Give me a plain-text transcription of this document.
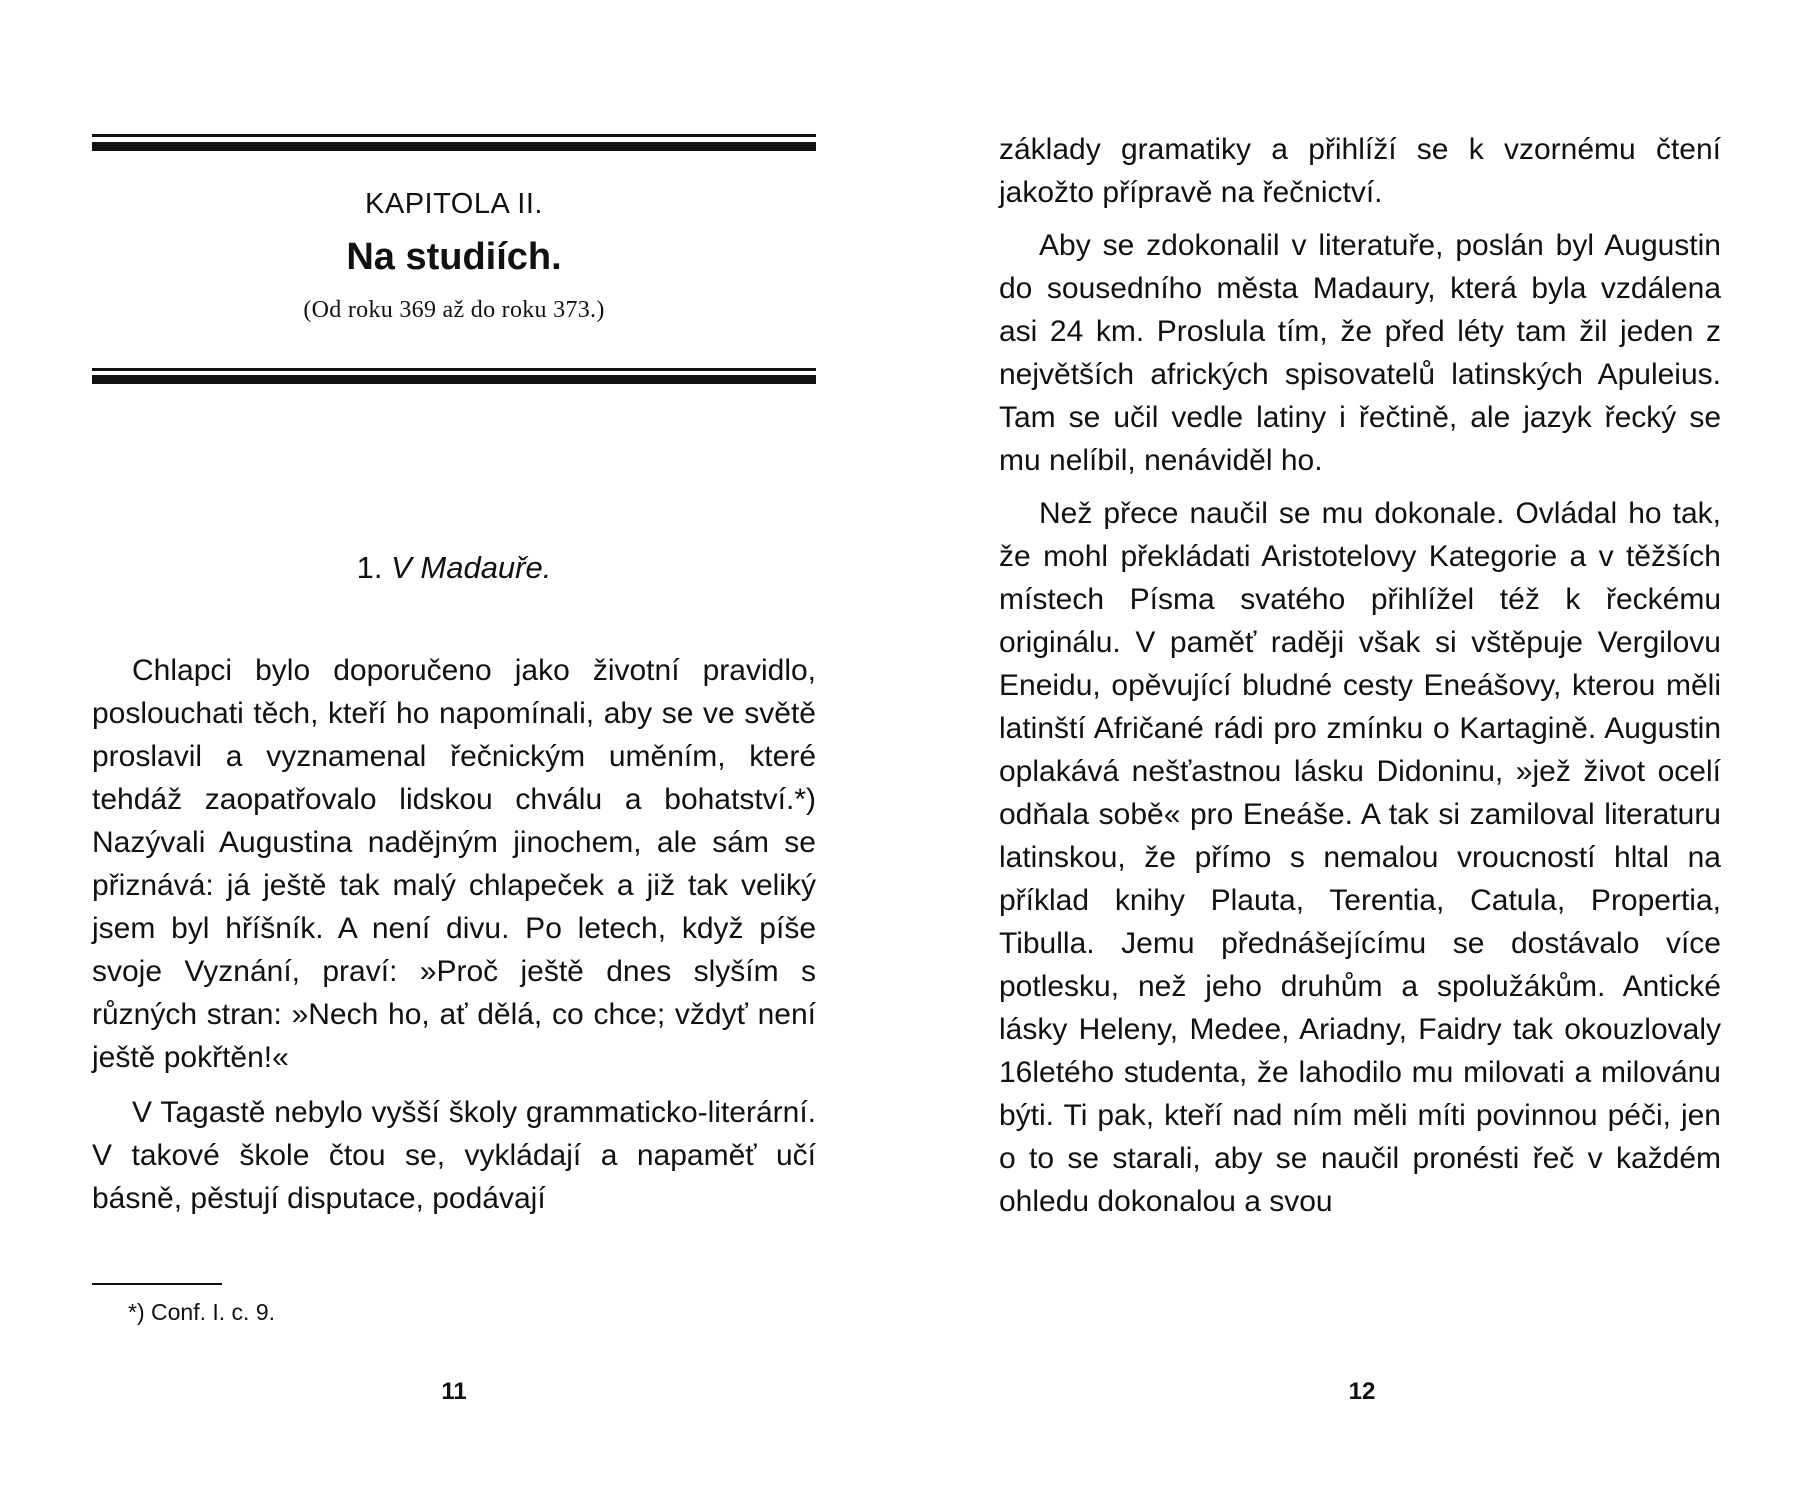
KAPITOLA II.
Na studiích.
(Od roku 369 až do roku 373.)
1. V Madauře.

Chlapci bylo doporučeno jako životní pravidlo, poslouchati těch, kteří ho napomínali, aby se ve světě proslavil a vyznamenal řečnickým uměním, které tehdáž zaopatřovalo lidskou chválu a bohatství.*) Nazývali Augustina nadějným jinochem, ale sám se přiznává: já ještě tak malý chlapeček a již tak veliký jsem byl hříšník. A není divu. Po letech, když píše svoje Vyznání, praví: »Proč ještě dnes slyším s různých stran: »Nech ho, ať dělá, co chce; vždyť není ještě pokřtěn!«

V Tagastě nebylo vyšší školy grammaticko-literární. V takové škole čtou se, vykládají a napaměť učí básně, pěstují disputace, podávají

*) Conf. I. c. 9.
11

základy gramatiky a přihlíží se k vzornému čtení jakožto přípravě na řečnictví.

Aby se zdokonalil v literatuře, poslán byl Augustin do sousedního města Madaury, která byla vzdálena asi 24 km. Proslula tím, že před léty tam žil jeden z největších afrických spisovatelů latinských Apuleius. Tam se učil vedle latiny i řečtině, ale jazyk řecký se mu nelíbil, nenáviděl ho.

Než přece naučil se mu dokonale. Ovládal ho tak, že mohl překládati Aristotelovy Kategorie a v těžších místech Písma svatého přihlížel též k řeckému originálu. V paměť raději však si vštěpuje Vergilovu Eneidu, opěvující bludné cesty Eneášovy, kterou měli latinští Afričané rádi pro zmínku o Kartagině. Augustin oplakává nešťastnou lásku Didoninu, »jež život ocelí odňala sobě« pro Eneáše. A tak si zamiloval literaturu latinskou, že přímo s nemalou vroucností hltal na příklad knihy Plauta, Terentia, Catula, Propertia, Tibulla. Jemu přednášejícímu se dostávalo více potlesku, než jeho druhům a spolužákům. Antické lásky Heleny, Medee, Ariadny, Faidry tak okouzlovaly 16letého studenta, že lahodilo mu milovati a milovánu býti. Ti pak, kteří nad ním měli míti povinnou péči, jen o to se starali, aby se naučil pronésti řeč v každém ohledu dokonalou a svou

12
